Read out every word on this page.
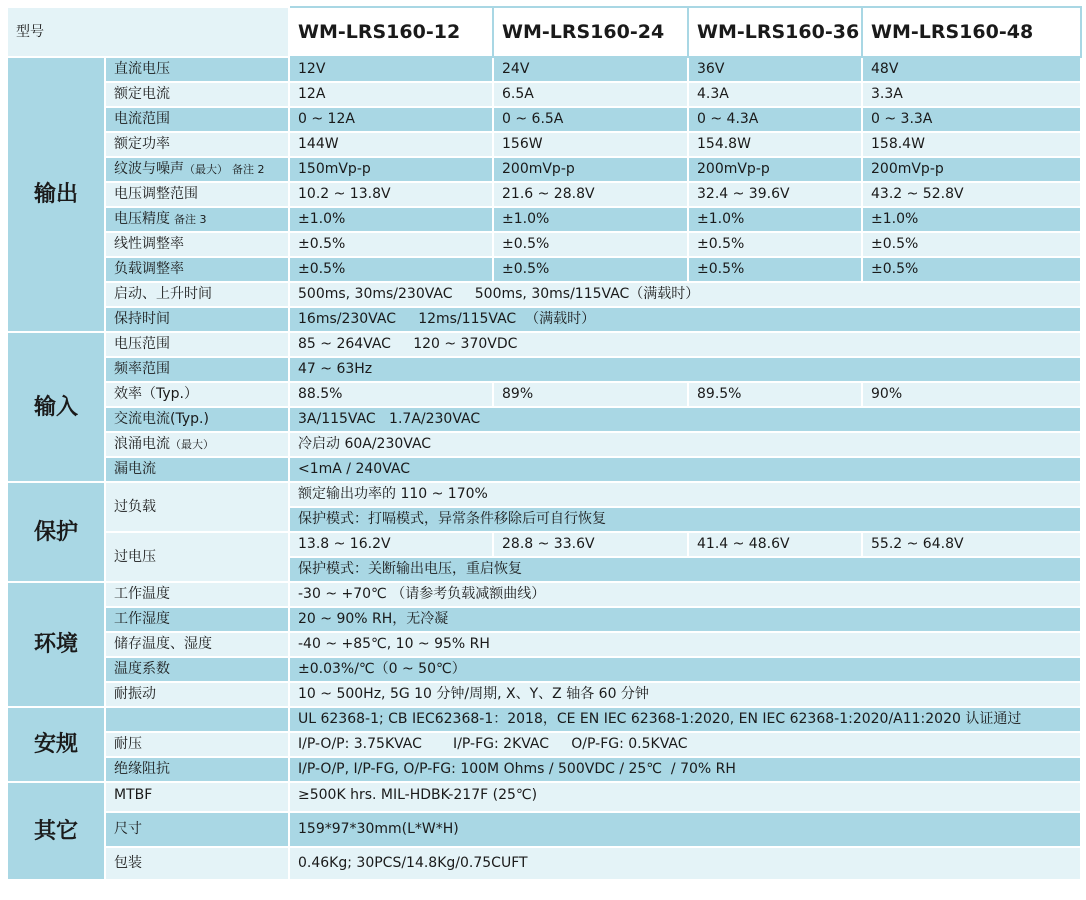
型号		WM-LRS160-12	WM-LRS160-24	WM-LRS160-36	WM-LRS160-48
输出	直流电压	12V	24V	36V	48V
	额定电流	12A	6.5A	4.3A	3.3A
	电流范围	0 ~ 12A	0 ~ 6.5A	0 ~ 4.3A	0 ~ 3.3A
	额定功率	144W	156W	154.8W	158.4W
	纹波与噪声（最大） 备注 2	150mVp-p	200mVp-p	200mVp-p	200mVp-p
	电压调整范围	10.2 ~ 13.8V	21.6 ~ 28.8V	32.4 ~ 39.6V	43.2 ~ 52.8V
	电压精度 备注 3	±1.0%	±1.0%	±1.0%	±1.0%
	线性调整率	±0.5%	±0.5%	±0.5%	±0.5%
	负载调整率	±0.5%	±0.5%	±0.5%	±0.5%
	启动、上升时间	500ms, 30ms/230VAC     500ms, 30ms/115VAC（满载时）			
	保持时间	16ms/230VAC     12ms/115VAC  （满载时）			
输入	电压范围	85 ~ 264VAC     120 ~ 370VDC			
	频率范围	47 ~ 63Hz			
	效率（Typ.）	88.5%	89%	89.5%	90%
	交流电流(Typ.)	3A/115VAC   1.7A/230VAC			
	浪涌电流（最大）	冷启动 60A/230VAC			
	漏电流	<1mA / 240VAC			
保护	过负载	额定输出功率的 110 ~ 170%			
		保护模式：打嗝模式，异常条件移除后可自行恢复			
	过电压	13.8 ~ 16.2V	28.8 ~ 33.6V	41.4 ~ 48.6V	55.2 ~ 64.8V
		保护模式：关断输出电压，重启恢复			
环境	工作温度	-30 ~ +70℃ （请参考负载减额曲线）			
	工作湿度	20 ~ 90% RH，无冷凝			
	储存温度、湿度	-40 ~ +85℃, 10 ~ 95% RH			
	温度系数	±0.03%/℃（0 ~ 50℃）			
	耐振动	10 ~ 500Hz, 5G 10 分钟/周期, X、Y、Z 轴各 60 分钟			
安规		UL 62368-1; CB IEC62368-1：2018，CE EN IEC 62368-1:2020, EN IEC 62368-1:2020/A11:2020 认证通过			
	耐压	I/P-O/P: 3.75KVAC       I/P-FG: 2KVAC     O/P-FG: 0.5KVAC			
	绝缘阻抗	I/P-O/P, I/P-FG, O/P-FG: 100M Ohms / 500VDC / 25℃  / 70% RH			
其它	MTBF	≥500K hrs. MIL-HDBK-217F (25℃)			
	尺寸	159*97*30mm(L*W*H)			
	包装	0.46Kg; 30PCS/14.8Kg/0.75CUFT			
